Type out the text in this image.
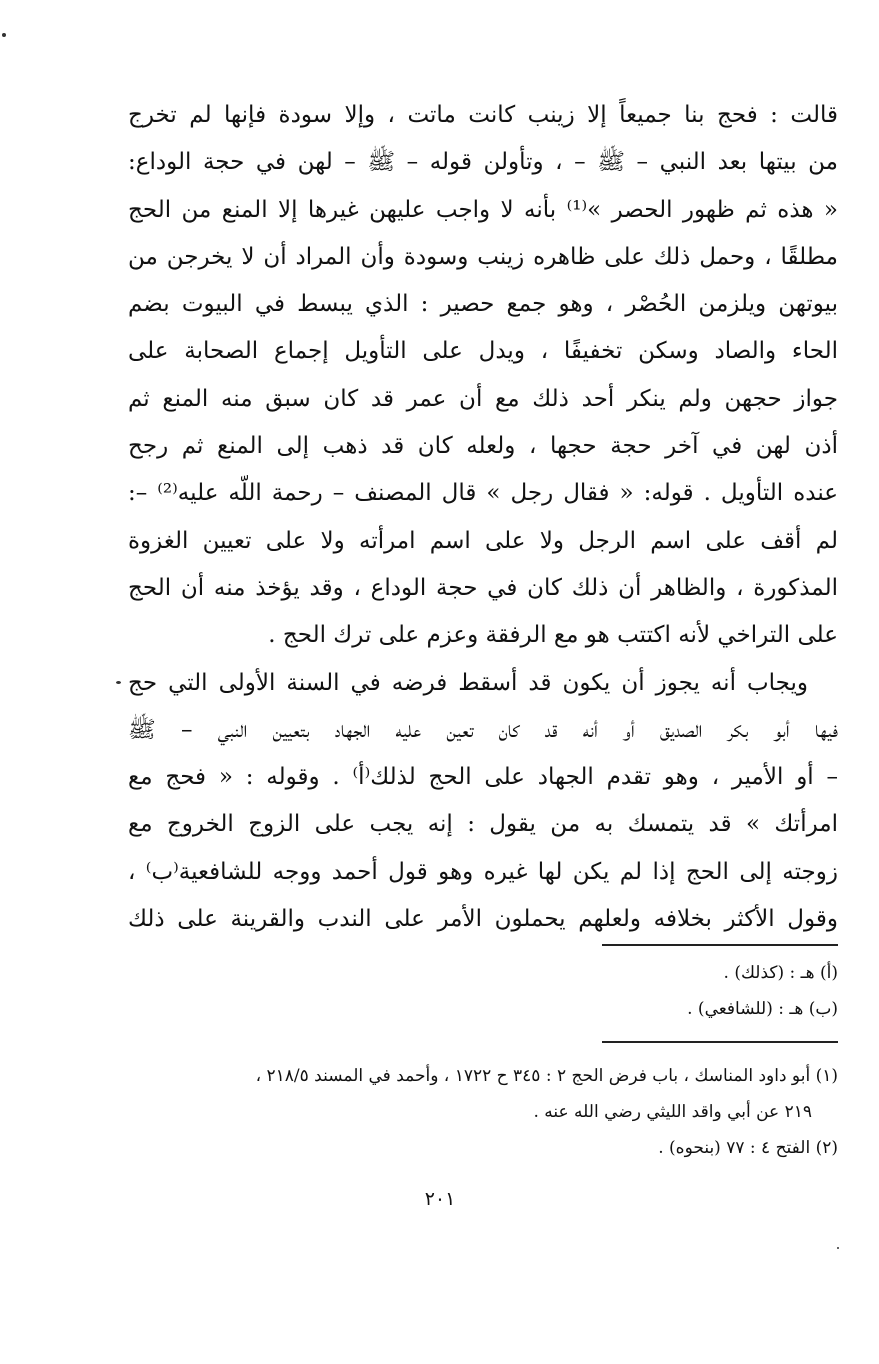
قالت : فحج بنا جميعاً إلا زينب كانت ماتت ، وإلا سودة فإنها لم تخرج
من بيتها بعد النبي – ﷺ – ، وتأولن قوله – ﷺ – لهن في حجة الوداع:
« هذه ثم ظهور الحصر »⁽¹⁾ بأنه لا واجب عليهن غيرها إلا المنع من الحج
مطلقًا ، وحمل ذلك على ظاهره زينب وسودة وأن المراد أن لا يخرجن من
بيوتهن ويلزمن الحُصْر ، وهو جمع حصير : الذي يبسط في البيوت بضم
الحاء والصاد وسكن تخفيفًا ، ويدل على التأويل إجماع الصحابة على
جواز حجهن ولم ينكر أحد ذلك مع أن عمر قد كان سبق منه المنع ثم
أذن لهن في آخر حجة حجها ، ولعله كان قد ذهب إلى المنع ثم رجح
عنده التأويل . قوله: « فقال رجل » قال المصنف – رحمة اللّه عليه⁽²⁾ –:
لم أقف على اسم الرجل ولا على اسم امرأته ولا على تعيين الغزوة
المذكورة ، والظاهر أن ذلك كان في حجة الوداع ، وقد يؤخذ منه أن الحج
على التراخي لأنه اكتتب هو مع الرفقة وعزم على ترك الحج .
ويجاب أنه يجوز أن يكون قد أسقط فرضه في السنة الأولى التي حج
فيها أبو بكر الصديق أو أنه قد كان تعين عليه الجهاد بتعيين النبي – ﷺ
– أو الأمير ، وهو تقدم الجهاد على الحج لذلك⁽أ⁾ . وقوله : « فحج مع
امرأتك » قد يتمسك به من يقول : إنه يجب على الزوج الخروج مع
زوجته إلى الحج إذا لم يكن لها غيره وهو قول أحمد ووجه للشافعية⁽ب⁾ ،
وقول الأكثر بخلافه ولعلهم يحملون الأمر على الندب والقرينة على ذلك
(أ) هـ : (كذلك) .
(ب) هـ : (للشافعي) .
(١) أبو داود المناسك ، باب فرض الحج ٢ : ٣٤٥ ح ١٧٢٢ ، وأحمد في المسند ٢١٨/٥ ،
٢١٩ عن أبي واقد الليثي رضي الله عنه .
(٢) الفتح ٤ : ٧٧ (بنحوه) .
٢٠١
